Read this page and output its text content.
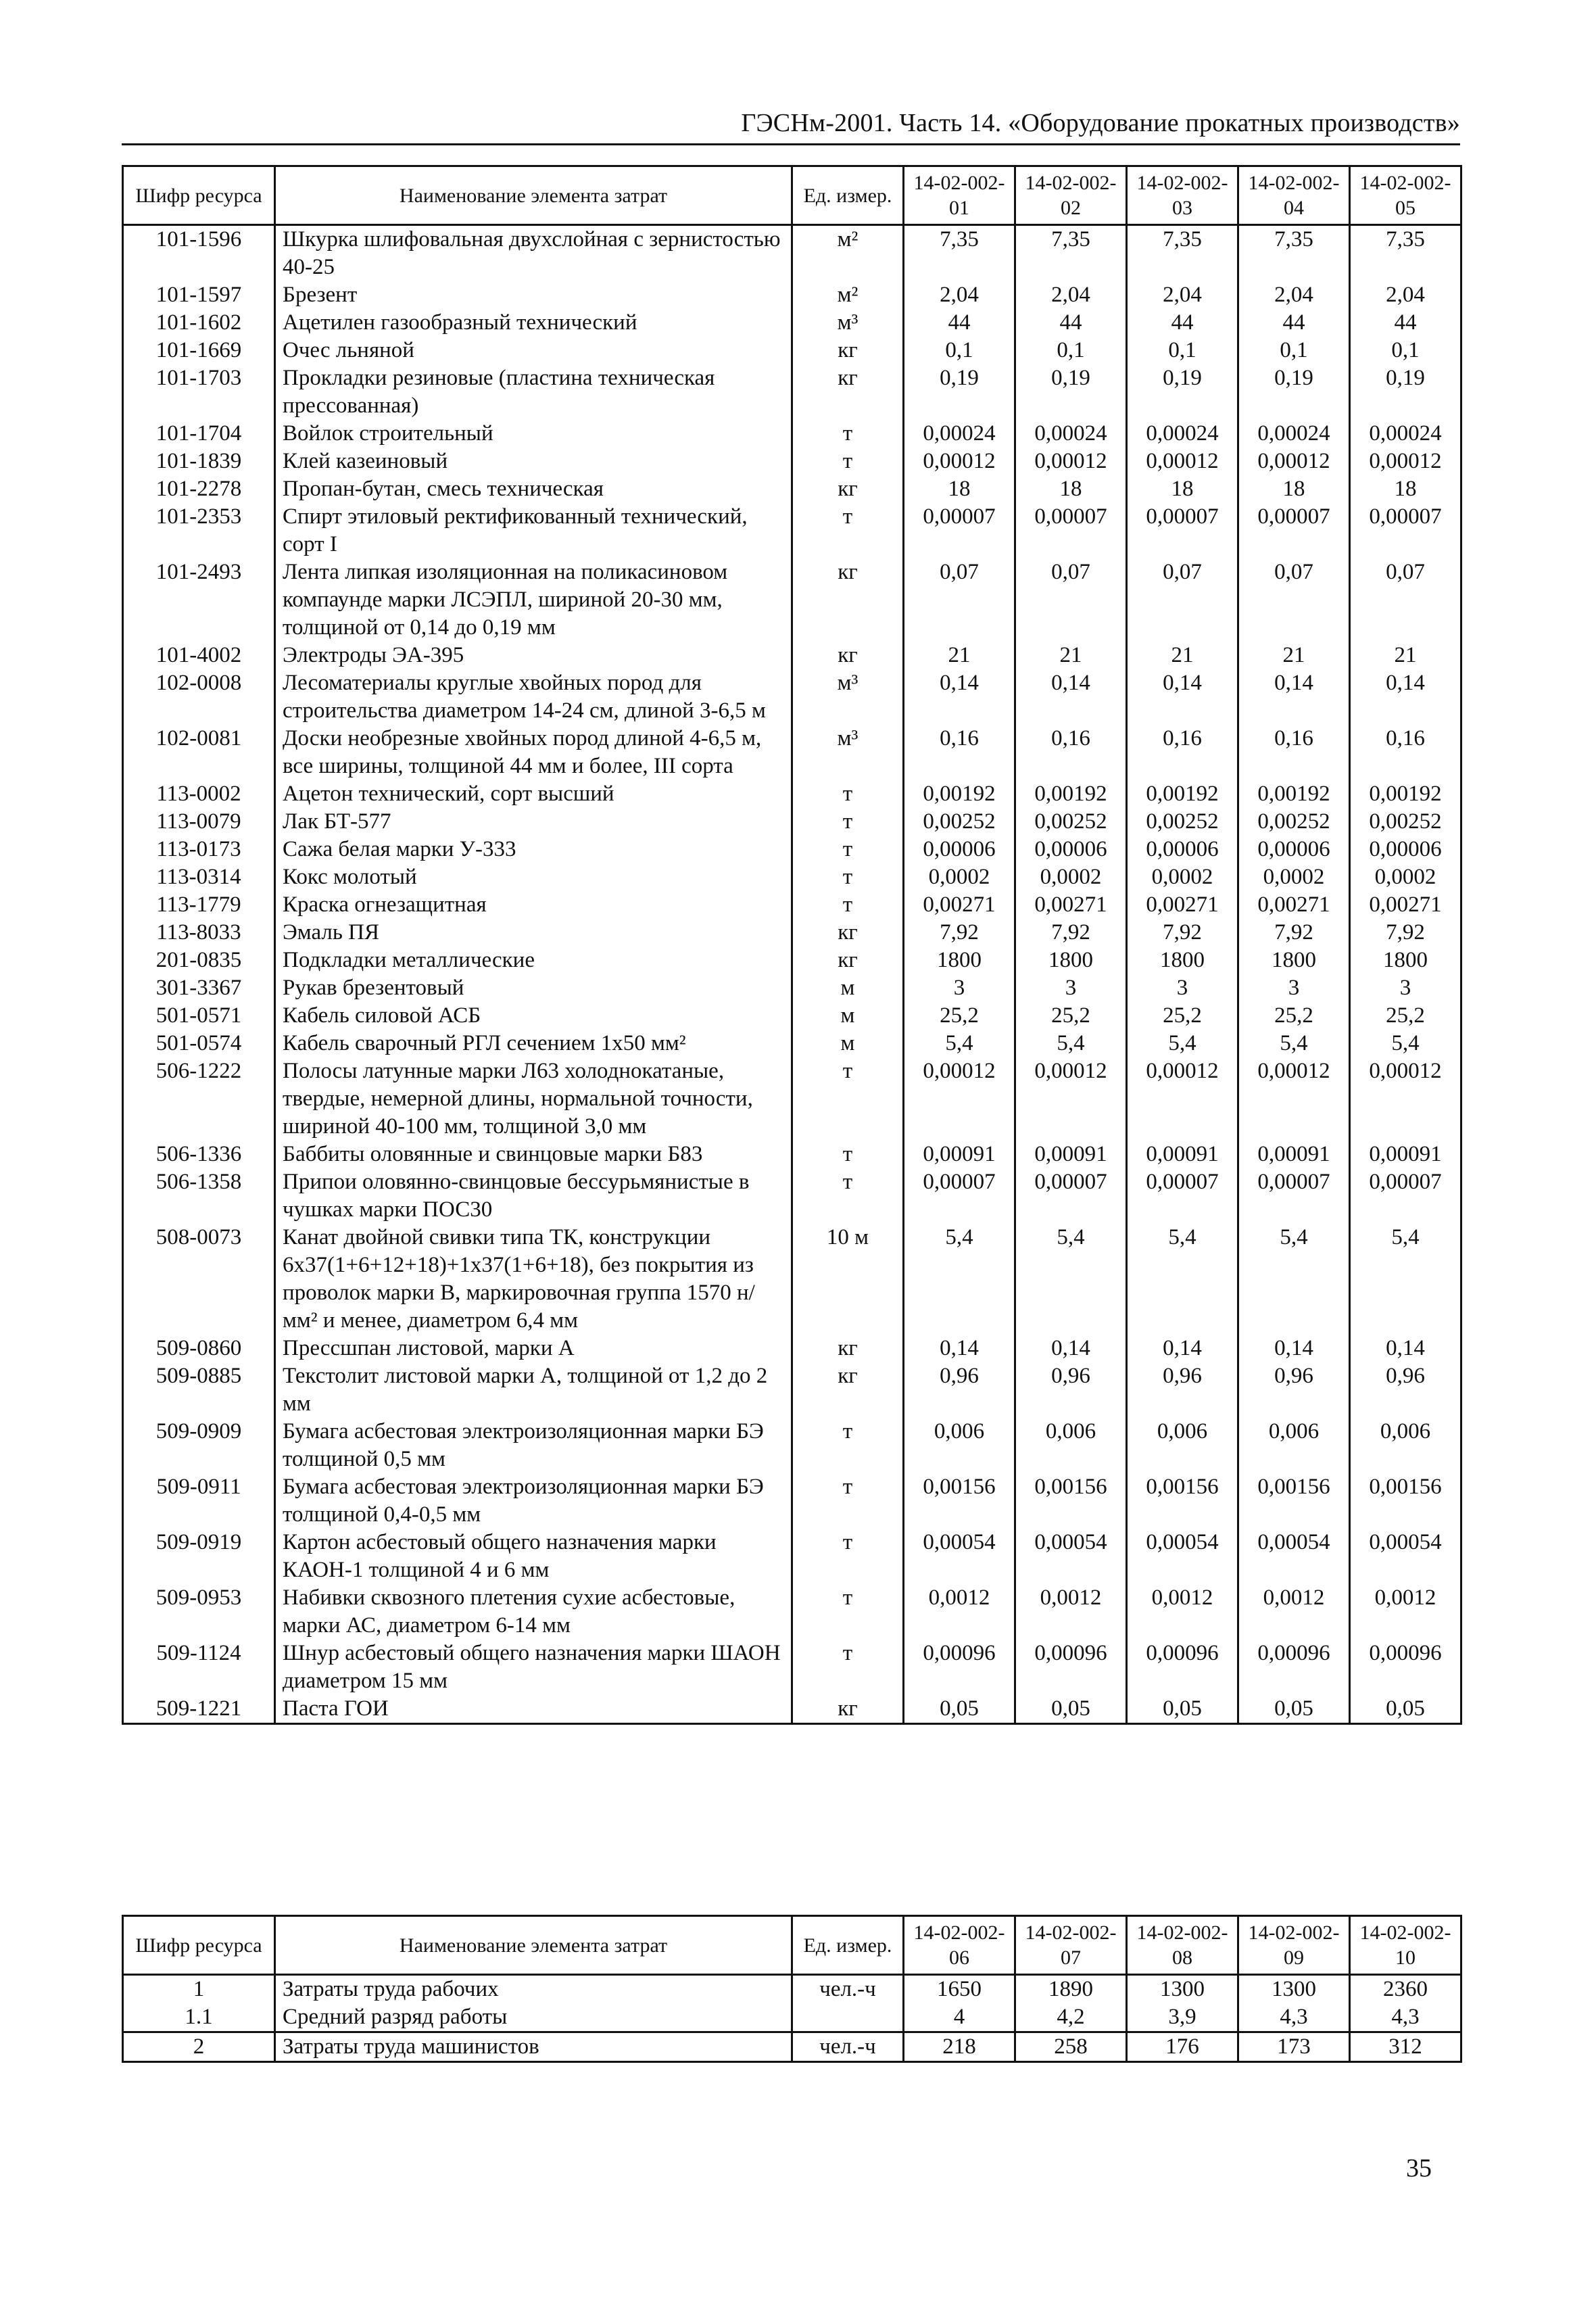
ГЭСНм-2001. Часть 14. «Оборудование прокатных производств»
Шифр ресурса	Наименование элемента затрат	Ед. измер.	14-02-002-01	14-02-002-02	14-02-002-03	14-02-002-04	14-02-002-05
101-1596	Шкурка шлифовальная двухслойная с зернистостью 40-25	м²	7,35	7,35	7,35	7,35	7,35
101-1597	Брезент	м²	2,04	2,04	2,04	2,04	2,04
101-1602	Ацетилен газообразный технический	м³	44	44	44	44	44
101-1669	Очес льняной	кг	0,1	0,1	0,1	0,1	0,1
101-1703	Прокладки резиновые (пластина техническая прессованная)	кг	0,19	0,19	0,19	0,19	0,19
101-1704	Войлок строительный	т	0,00024	0,00024	0,00024	0,00024	0,00024
101-1839	Клей казеиновый	т	0,00012	0,00012	0,00012	0,00012	0,00012
101-2278	Пропан-бутан, смесь техническая	кг	18	18	18	18	18
101-2353	Спирт этиловый ректификованный технический, сорт I	т	0,00007	0,00007	0,00007	0,00007	0,00007
101-2493	Лента липкая изоляционная на поликасиновом компаунде марки ЛСЭПЛ, шириной 20-30 мм, толщиной от 0,14 до 0,19 мм	кг	0,07	0,07	0,07	0,07	0,07
101-4002	Электроды ЭА-395	кг	21	21	21	21	21
102-0008	Лесоматериалы круглые хвойных пород для строительства диаметром 14-24 см, длиной 3-6,5 м	м³	0,14	0,14	0,14	0,14	0,14
102-0081	Доски необрезные хвойных пород длиной 4-6,5 м, все ширины, толщиной 44 мм и более, III сорта	м³	0,16	0,16	0,16	0,16	0,16
113-0002	Ацетон технический, сорт высший	т	0,00192	0,00192	0,00192	0,00192	0,00192
113-0079	Лак БТ-577	т	0,00252	0,00252	0,00252	0,00252	0,00252
113-0173	Сажа белая марки У-333	т	0,00006	0,00006	0,00006	0,00006	0,00006
113-0314	Кокс молотый	т	0,0002	0,0002	0,0002	0,0002	0,0002
113-1779	Краска огнезащитная	т	0,00271	0,00271	0,00271	0,00271	0,00271
113-8033	Эмаль ПЯ	кг	7,92	7,92	7,92	7,92	7,92
201-0835	Подкладки металлические	кг	1800	1800	1800	1800	1800
301-3367	Рукав брезентовый	м	3	3	3	3	3
501-0571	Кабель силовой АСБ	м	25,2	25,2	25,2	25,2	25,2
501-0574	Кабель сварочный РГЛ сечением 1х50 мм²	м	5,4	5,4	5,4	5,4	5,4
506-1222	Полосы латунные марки Л63 холоднокатаные, твердые, немерной длины, нормальной точности, шириной 40-100 мм, толщиной 3,0 мм	т	0,00012	0,00012	0,00012	0,00012	0,00012
506-1336	Баббиты оловянные и свинцовые марки Б83	т	0,00091	0,00091	0,00091	0,00091	0,00091
506-1358	Припои оловянно-свинцовые бессурьмянистые в чушках марки ПОС30	т	0,00007	0,00007	0,00007	0,00007	0,00007
508-0073	Канат двойной свивки типа ТК, конструкции 6х37(1+6+12+18)+1х37(1+6+18), без покрытия из проволок марки В, маркировочная группа 1570 н/мм² и менее, диаметром 6,4 мм	10 м	5,4	5,4	5,4	5,4	5,4
509-0860	Прессшпан листовой, марки А	кг	0,14	0,14	0,14	0,14	0,14
509-0885	Текстолит листовой марки А, толщиной от 1,2 до 2 мм	кг	0,96	0,96	0,96	0,96	0,96
509-0909	Бумага асбестовая электроизоляционная марки БЭ толщиной 0,5 мм	т	0,006	0,006	0,006	0,006	0,006
509-0911	Бумага асбестовая электроизоляционная марки БЭ толщиной 0,4-0,5 мм	т	0,00156	0,00156	0,00156	0,00156	0,00156
509-0919	Картон асбестовый общего назначения марки КАОН-1 толщиной 4 и 6 мм	т	0,00054	0,00054	0,00054	0,00054	0,00054
509-0953	Набивки сквозного плетения сухие асбестовые, марки АС, диаметром 6-14 мм	т	0,0012	0,0012	0,0012	0,0012	0,0012
509-1124	Шнур асбестовый общего назначения марки ШАОН диаметром 15 мм	т	0,00096	0,00096	0,00096	0,00096	0,00096
509-1221	Паста ГОИ	кг	0,05	0,05	0,05	0,05	0,05
Шифр ресурса	Наименование элемента затрат	Ед. измер.	14-02-002-06	14-02-002-07	14-02-002-08	14-02-002-09	14-02-002-10
1	Затраты труда рабочих	чел.-ч	1650	1890	1300	1300	2360
1.1	Средний разряд работы		4	4,2	3,9	4,3	4,3
2	Затраты труда машинистов	чел.-ч	218	258	176	173	312
35
